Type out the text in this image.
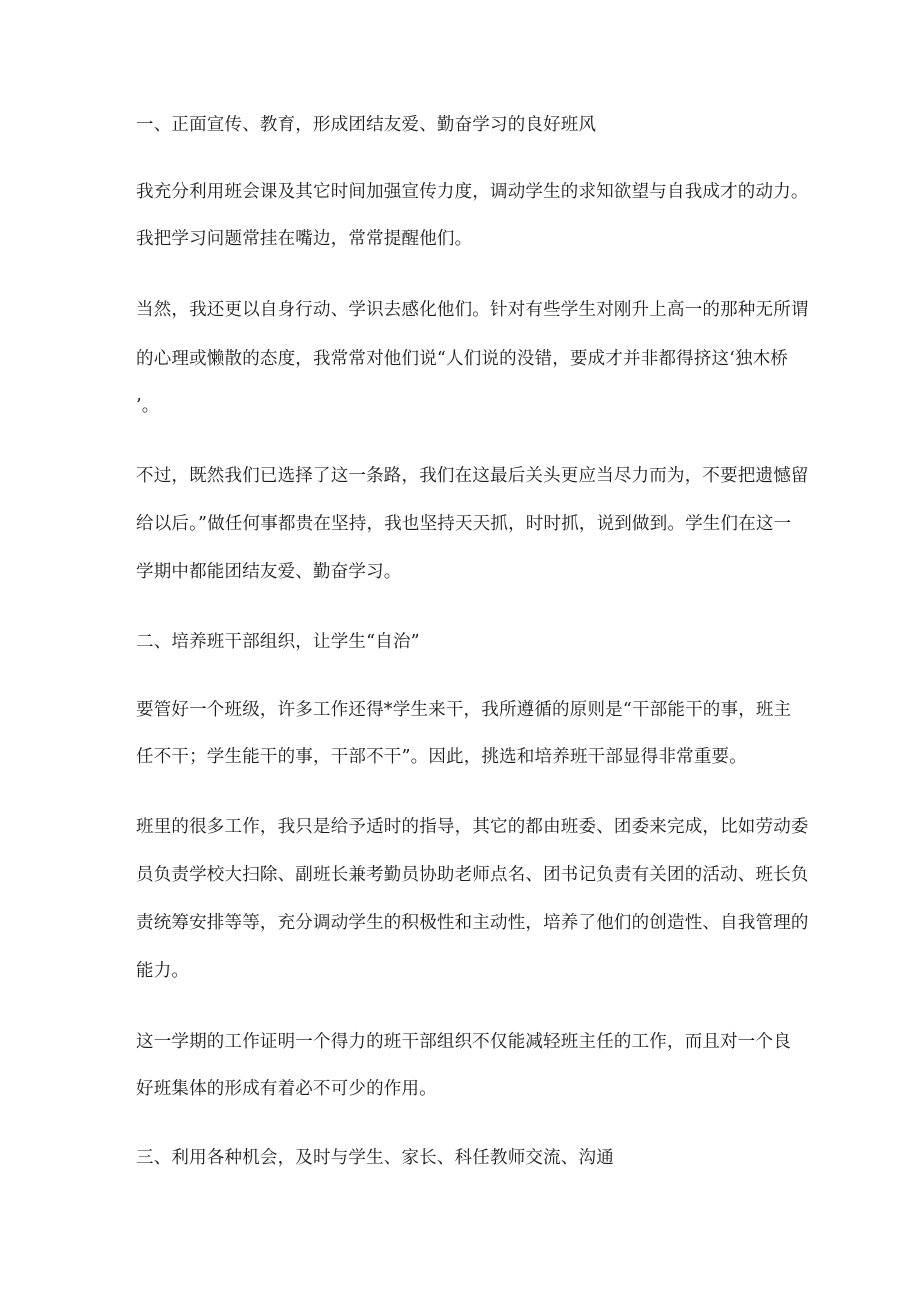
一、正面宣传、教育，形成团结友爱、勤奋学习的良好班风
我充分利用班会课及其它时间加强宣传力度，调动学生的求知欲望与自我成才的动力。
我把学习问题常挂在嘴边，常常提醒他们。
当然，我还更以自身行动、学识去感化他们。针对有些学生对刚升上高一的那种无所谓
的心理或懒散的态度，我常常对他们说“人们说的没错，要成才并非都得挤这‘独木桥
’。
不过，既然我们已选择了这一条路，我们在这最后关头更应当尽力而为，不要把遗憾留
给以后。”做任何事都贵在坚持，我也坚持天天抓，时时抓，说到做到。学生们在这一
学期中都能团结友爱、勤奋学习。
二、培养班干部组织，让学生“自治”
要管好一个班级，许多工作还得*学生来干，我所遵循的原则是“干部能干的事，班主
任不干；学生能干的事，干部不干”。因此，挑选和培养班干部显得非常重要。
班里的很多工作，我只是给予适时的指导，其它的都由班委、团委来完成，比如劳动委
员负责学校大扫除、副班长兼考勤员协助老师点名、团书记负责有关团的活动、班长负
责统筹安排等等，充分调动学生的积极性和主动性，培养了他们的创造性、自我管理的
能力。
这一学期的工作证明一个得力的班干部组织不仅能减轻班主任的工作，而且对一个良
好班集体的形成有着必不可少的作用。
三、利用各种机会，及时与学生、家长、科任教师交流、沟通
